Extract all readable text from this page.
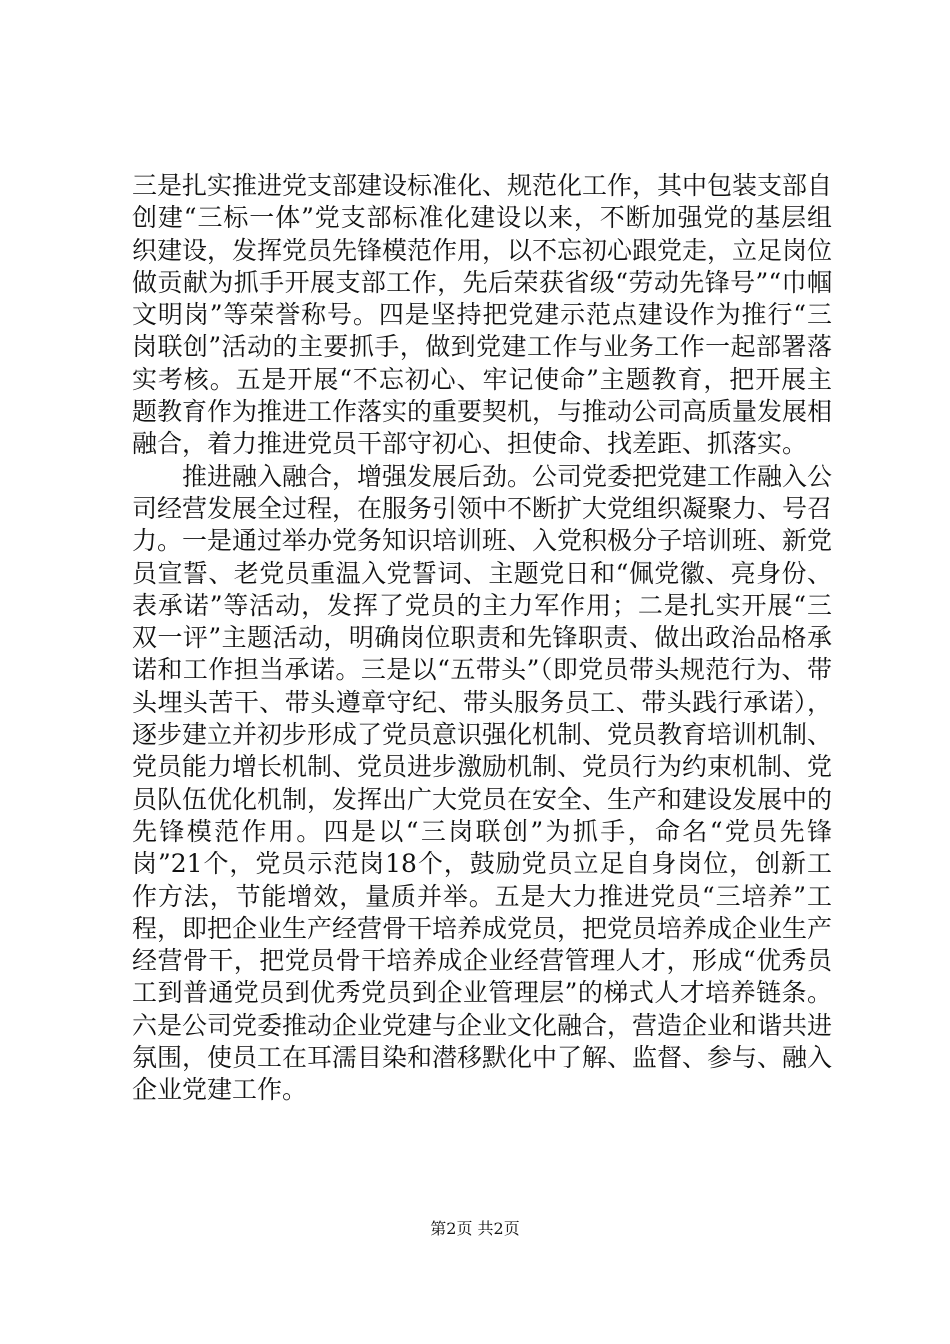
三是扎实推进党支部建设标准化、规范化工作，其中包装支部自创建“三标一体”党支部标准化建设以来，不断加强党的基层组织建设，发挥党员先锋模范作用，以不忘初心跟党走，立足岗位做贡献为抓手开展支部工作，先后荣获省级“劳动先锋号”“巾帼文明岗”等荣誉称号。四是坚持把党建示范点建设作为推行“三岗联创”活动的主要抓手，做到党建工作与业务工作一起部署落实考核。五是开展“不忘初心、牢记使命”主题教育，把开展主题教育作为推进工作落实的重要契机，与推动公司高质量发展相融合，着力推进党员干部守初心、担使命、找差距、抓落实。

推进融入融合，增强发展后劲。公司党委把党建工作融入公司经营发展全过程，在服务引领中不断扩大党组织凝聚力、号召力。一是通过举办党务知识培训班、入党积极分子培训班、新党员宣誓、老党员重温入党誓词、主题党日和“佩党徽、亮身份、表承诺”等活动，发挥了党员的主力军作用；二是扎实开展“三双一评”主题活动，明确岗位职责和先锋职责、做出政治品格承诺和工作担当承诺。三是以“五带头”（即党员带头规范行为、带头埋头苦干、带头遵章守纪、带头服务员工、带头践行承诺），逐步建立并初步形成了党员意识强化机制、党员教育培训机制、党员能力增长机制、党员进步激励机制、党员行为约束机制、党员队伍优化机制，发挥出广大党员在安全、生产和建设发展中的先锋模范作用。四是以“三岗联创”为抓手，命名“党员先锋岗”21个，党员示范岗18个，鼓励党员立足自身岗位，创新工作方法，节能增效，量质并举。五是大力推进党员“三培养”工程，即把企业生产经营骨干培养成党员，把党员培养成企业生产经营骨干，把党员骨干培养成企业经营管理人才，形成“优秀员工到普通党员到优秀党员到企业管理层”的梯式人才培养链条。六是公司党委推动企业党建与企业文化融合，营造企业和谐共进氛围，使员工在耳濡目染和潜移默化中了解、监督、参与、融入企业党建工作。

第2页 共2页
